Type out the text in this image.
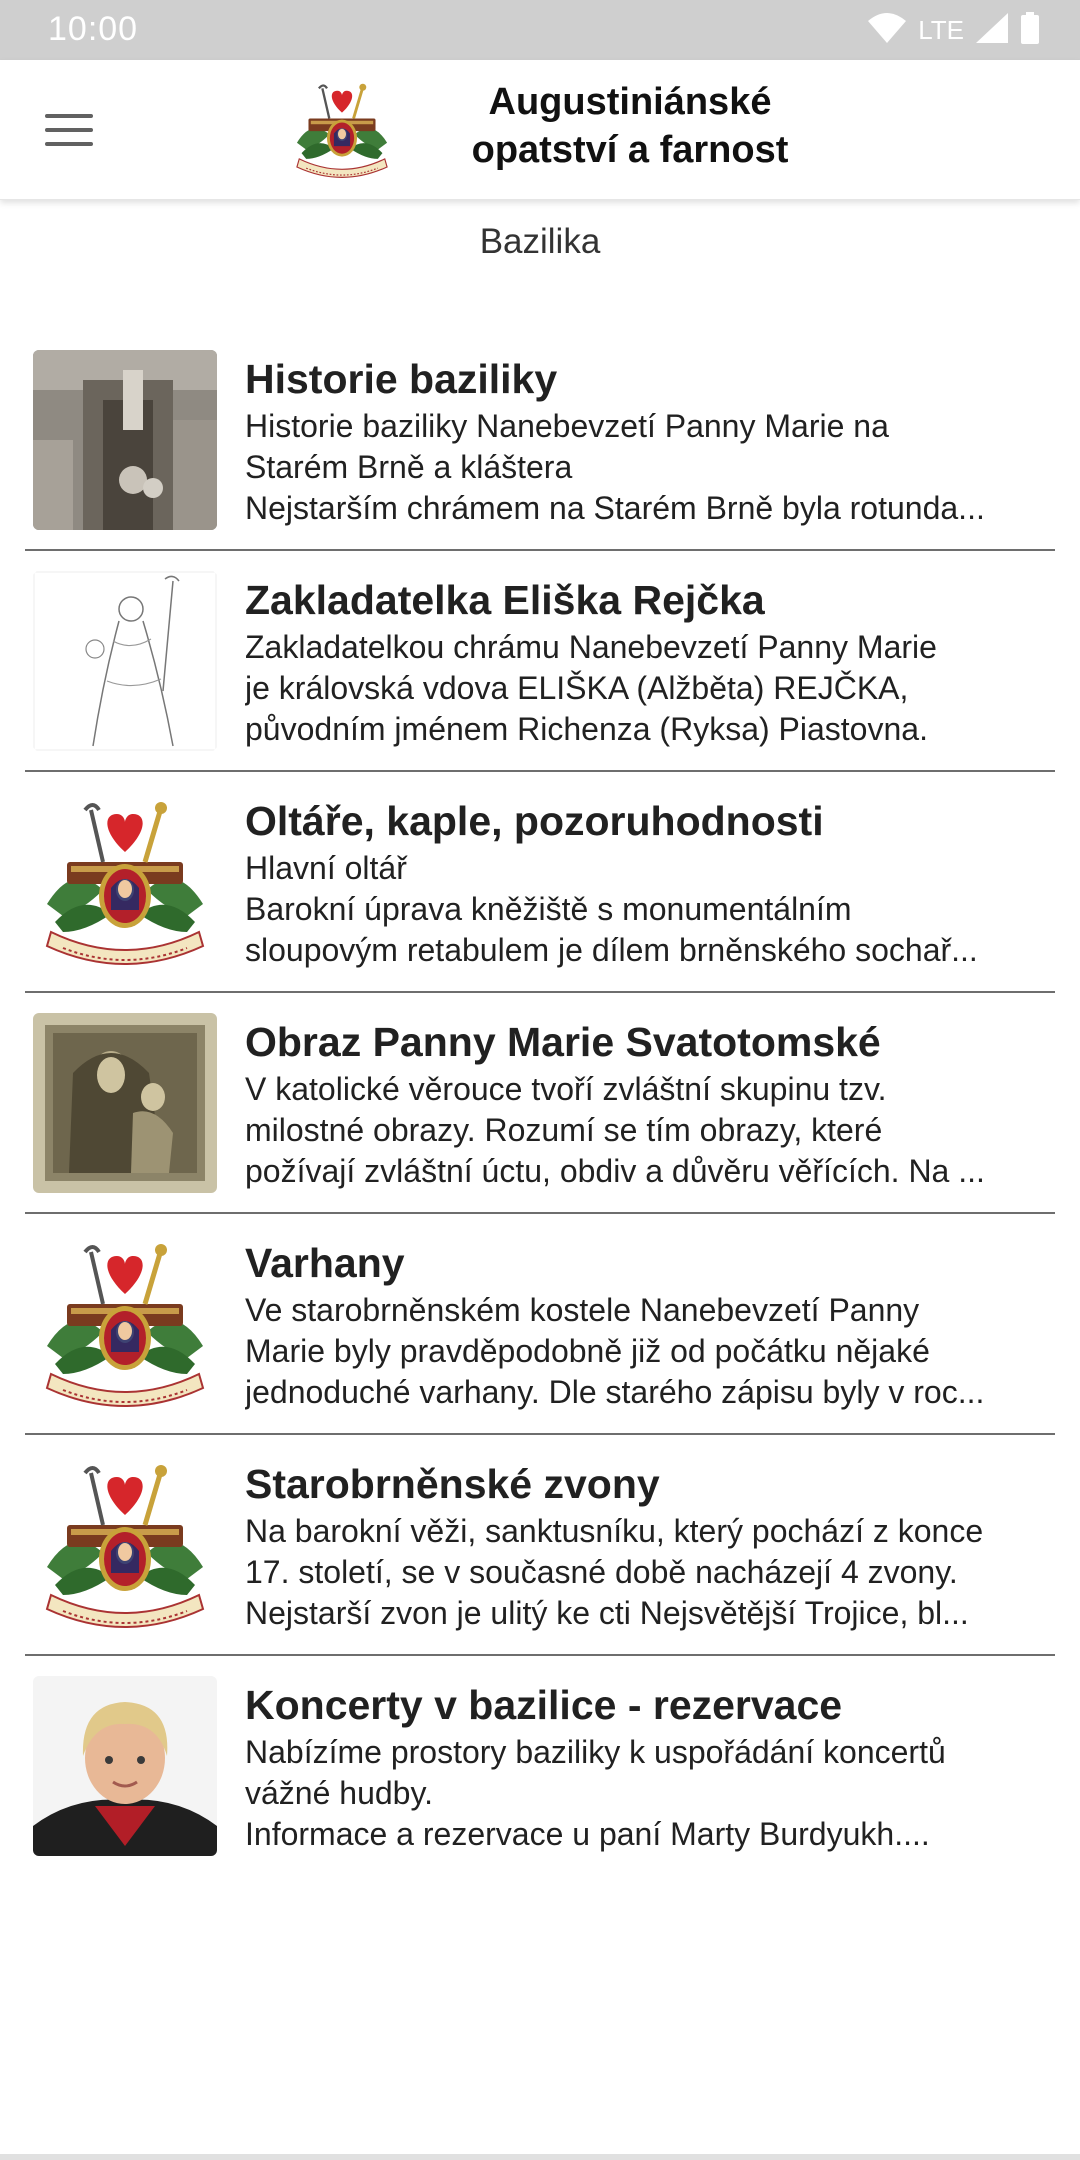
10:00	LTE
Augustiniánské
opatství a farnost
Bazilika
Historie baziliky
Historie baziliky Nanebevzetí Panny Marie na
Starém Brně a kláštera
Nejstarším chrámem na Starém Brně byla rotunda...
Zakladatelka Eliška Rejčka
Zakladatelkou chrámu Nanebevzetí Panny Marie
je královská vdova ELIŠKA (Alžběta) REJČKA,
původním jménem Richenza (Ryksa) Piastovna.
Oltáře, kaple, pozoruhodnosti
Hlavní oltář
Barokní úprava kněžiště s monumentálním
sloupovým retabulem je dílem brněnského sochař...
Obraz Panny Marie Svatotomské
V katolické věrouce tvoří zvláštní skupinu tzv.
milostné obrazy. Rozumí se tím obrazy, které
požívají zvláštní úctu, obdiv a důvěru věřících. Na ...
Varhany
Ve starobrněnském kostele Nanebevzetí Panny
Marie byly pravděpodobně již od počátku nějaké
jednoduché varhany. Dle starého zápisu byly v roc...
Starobrněnské zvony
Na barokní věži, sanktusníku, který pochází z konce
17. století, se v současné době nacházejí 4 zvony.
Nejstarší zvon je ulitý ke cti Nejsvětější Trojice, bl...
Koncerty v bazilice - rezervace
Nabízíme prostory baziliky k uspořádání koncertů
vážné hudby.
Informace a rezervace u paní Marty Burdyukh....
